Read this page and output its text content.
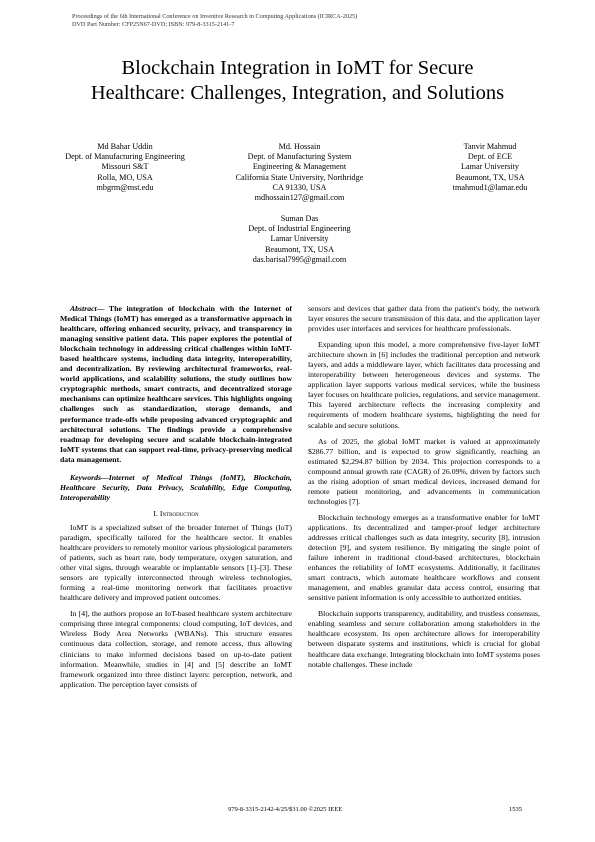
Proceedings of the 6th International Conference on Inventive Research in Computing Applications (ICIRCA-2025)
DVD Part Number: CFP25N67-DVD; ISBN: 979-8-3315-2141-7
Blockchain Integration in IoMT for Secure
Healthcare: Challenges, Integration, and Solutions
Md Bahar Uddin
Dept. of Manufacturing Engineering
Missouri S&T
Rolla, MO, USA
mbgrm@mst.edu
Md. Hossain
Dept. of Manufacturing System
Engineering & Management
California State University, Northridge
CA 91330, USA
mdhossain127@gmail.com
Tanvir Mahmud
Dept. of ECE
Lamar University
Beaumont, TX, USA
tmahmud1@lamar.edu
Suman Das
Dept. of Industrial Engineering
Lamar University
Beaumont, TX, USA
das.barisal7995@gmail.com

Abstract— The integration of blockchain with the Internet of Medical Things (IoMT) has emerged as a transformative approach in healthcare, offering enhanced security, privacy, and transparency in managing sensitive patient data. This paper explores the potential of blockchain technology in addressing critical challenges within IoMT-based healthcare systems, including data integrity, interoperability, and decentralization. By reviewing architectural frameworks, real-world applications, and scalability solutions, the study outlines how cryptographic methods, smart contracts, and decentralized storage mechanisms can optimize healthcare services. This highlights ongoing challenges such as standardization, storage demands, and performance trade-offs while proposing advanced cryptographic and architectural solutions. The findings provide a comprehensive roadmap for developing secure and scalable blockchain-integrated IoMT systems that can support real-time, privacy-preserving medical data management.

Keywords—Internet of Medical Things (IoMT), Blockchain, Healthcare Security, Data Privacy, Scalability, Edge Computing, Interoperability

I. Introduction

IoMT is a specialized subset of the broader Internet of Things (IoT) paradigm, specifically tailored for the healthcare sector. It enables healthcare providers to remotely monitor various physiological parameters of patients, such as heart rate, body temperature, oxygen saturation, and other vital signs, through wearable or implantable sensors [1]–[3]. These sensors are typically interconnected through wireless technologies, forming a real-time monitoring network that facilitates proactive healthcare delivery and improved patient outcomes.

In [4], the authors propose an IoT-based healthcare system architecture comprising three integral components: cloud computing, IoT devices, and Wireless Body Area Networks (WBANs). This structure ensures continuous data collection, storage, and remote access, thus allowing clinicians to make informed decisions based on up-to-date patient information. Meanwhile, studies in [4] and [5] describe an IoMT framework organized into three distinct layers: perception, network, and application. The perception layer consists of

sensors and devices that gather data from the patient's body, the network layer ensures the secure transmission of this data, and the application layer provides user interfaces and services for healthcare professionals.

Expanding upon this model, a more comprehensive five-layer IoMT architecture shown in [6] includes the traditional perception and network layers, and adds a middleware layer, which facilitates data processing and interoperability between heterogeneous devices and systems. The application layer supports various medical services, while the business layer focuses on healthcare policies, regulations, and service management. This layered architecture reflects the increasing complexity and requirements of modern healthcare systems, highlighting the need for scalable and secure solutions.

As of 2025, the global IoMT market is valued at approximately $286.77 billion, and is expected to grow significantly, reaching an estimated $2,294.87 billion by 2034. This projection corresponds to a compound annual growth rate (CAGR) of 26.09%, driven by factors such as the rising adoption of smart medical devices, increased demand for remote patient monitoring, and advancements in communication technologies [7].

Blockchain technology emerges as a transformative enabler for IoMT applications. Its decentralized and tamper-proof ledger architecture addresses critical challenges such as data integrity, security [8], intrusion detection [9], and system resilience. By mitigating the single point of failure inherent in traditional cloud-based architectures, blockchain enhances the reliability of IoMT ecosystems. Additionally, it facilitates smart contracts, which automate healthcare workflows and consent management, and enables granular data access control, ensuring that sensitive patient information is only accessible to authorized entities.

Blockchain supports transparency, auditability, and trustless consensus, enabling seamless and secure collaboration among stakeholders in the healthcare ecosystem. Its open architecture allows for interoperability between disparate systems and institutions, which is crucial for global healthcare data exchange. Integrating blockchain into IoMT systems poses notable challenges. These include

979-8-3315-2142-4/25/$31.00 ©2025 IEEE	1535
